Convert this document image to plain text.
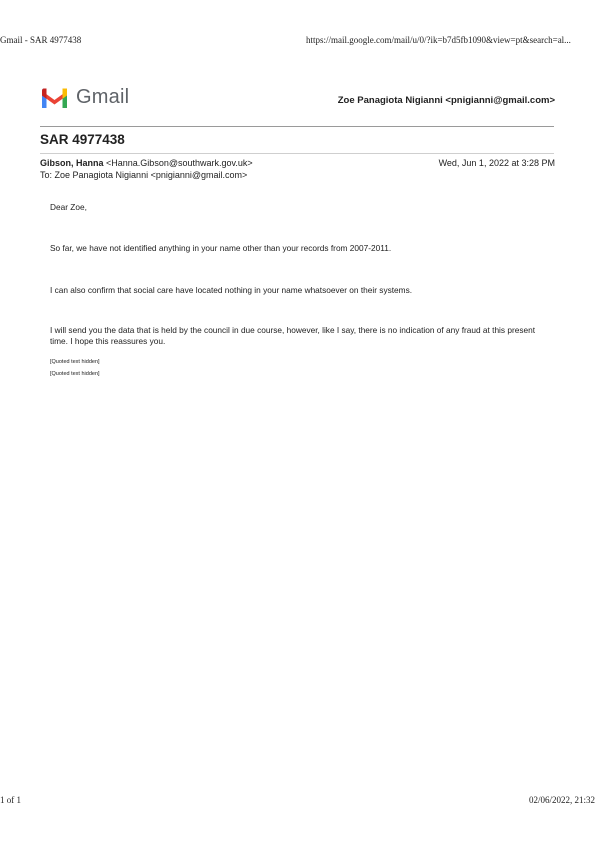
Gmail - SAR 4977438	https://mail.google.com/mail/u/0/?ik=b7d5fb1090&view=pt&search=al...
Gmail	Zoe Panagiota Nigianni <pnigianni@gmail.com>
SAR 4977438
Gibson, Hanna <Hanna.Gibson@southwark.gov.uk>	Wed, Jun 1, 2022 at 3:28 PM
To: Zoe Panagiota Nigianni <pnigianni@gmail.com>
Dear Zoe,
So far, we have not identified anything in your name other than your records from 2007-2011.
I can also confirm that social care have located nothing in your name whatsoever on their systems.
I will send you the data that is held by the council in due course, however, like I say, there is no indication of any fraud at this present time. I hope this reassures you.
[Quoted text hidden]
[Quoted text hidden]
1 of 1	02/06/2022, 21:32
